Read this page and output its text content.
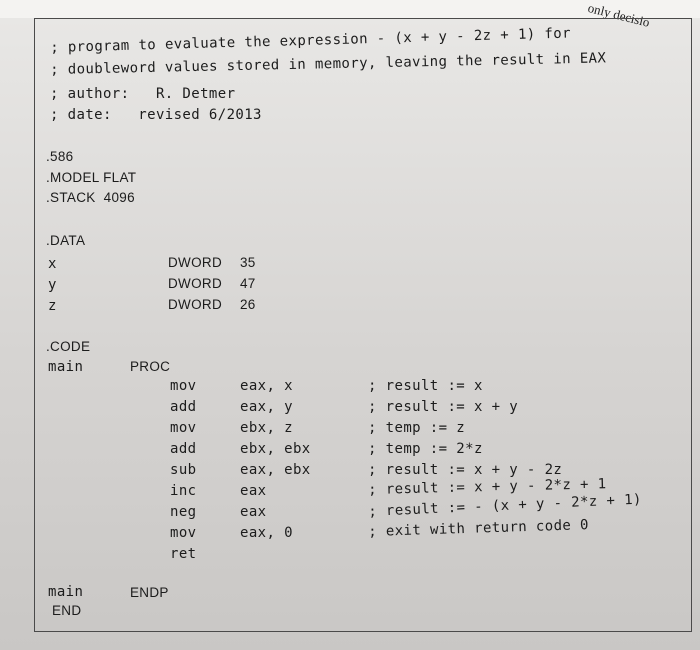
only decisio
; program to evaluate the expression - (x + y - 2z + 1) for
; doubleword values stored in memory, leaving the result in EAX
; author:   R. Detmer
; date:   revised 6/2013
.586
.MODEL FLAT
.STACK  4096
.DATA
x	DWORD 35
y	DWORD 47
z	DWORD 26
.CODE
main	PROC
mov	eax, x	; result := x
add	eax, y	; result := x + y
mov	ebx, z	; temp := z
add	ebx, ebx	; temp := 2*z
sub	eax, ebx	; result := x + y - 2z
inc	eax	; result := x + y - 2*z + 1
neg	eax	; result := - (x + y - 2*z + 1)
mov	eax, 0	; exit with return code 0
ret
main	ENDP
END
